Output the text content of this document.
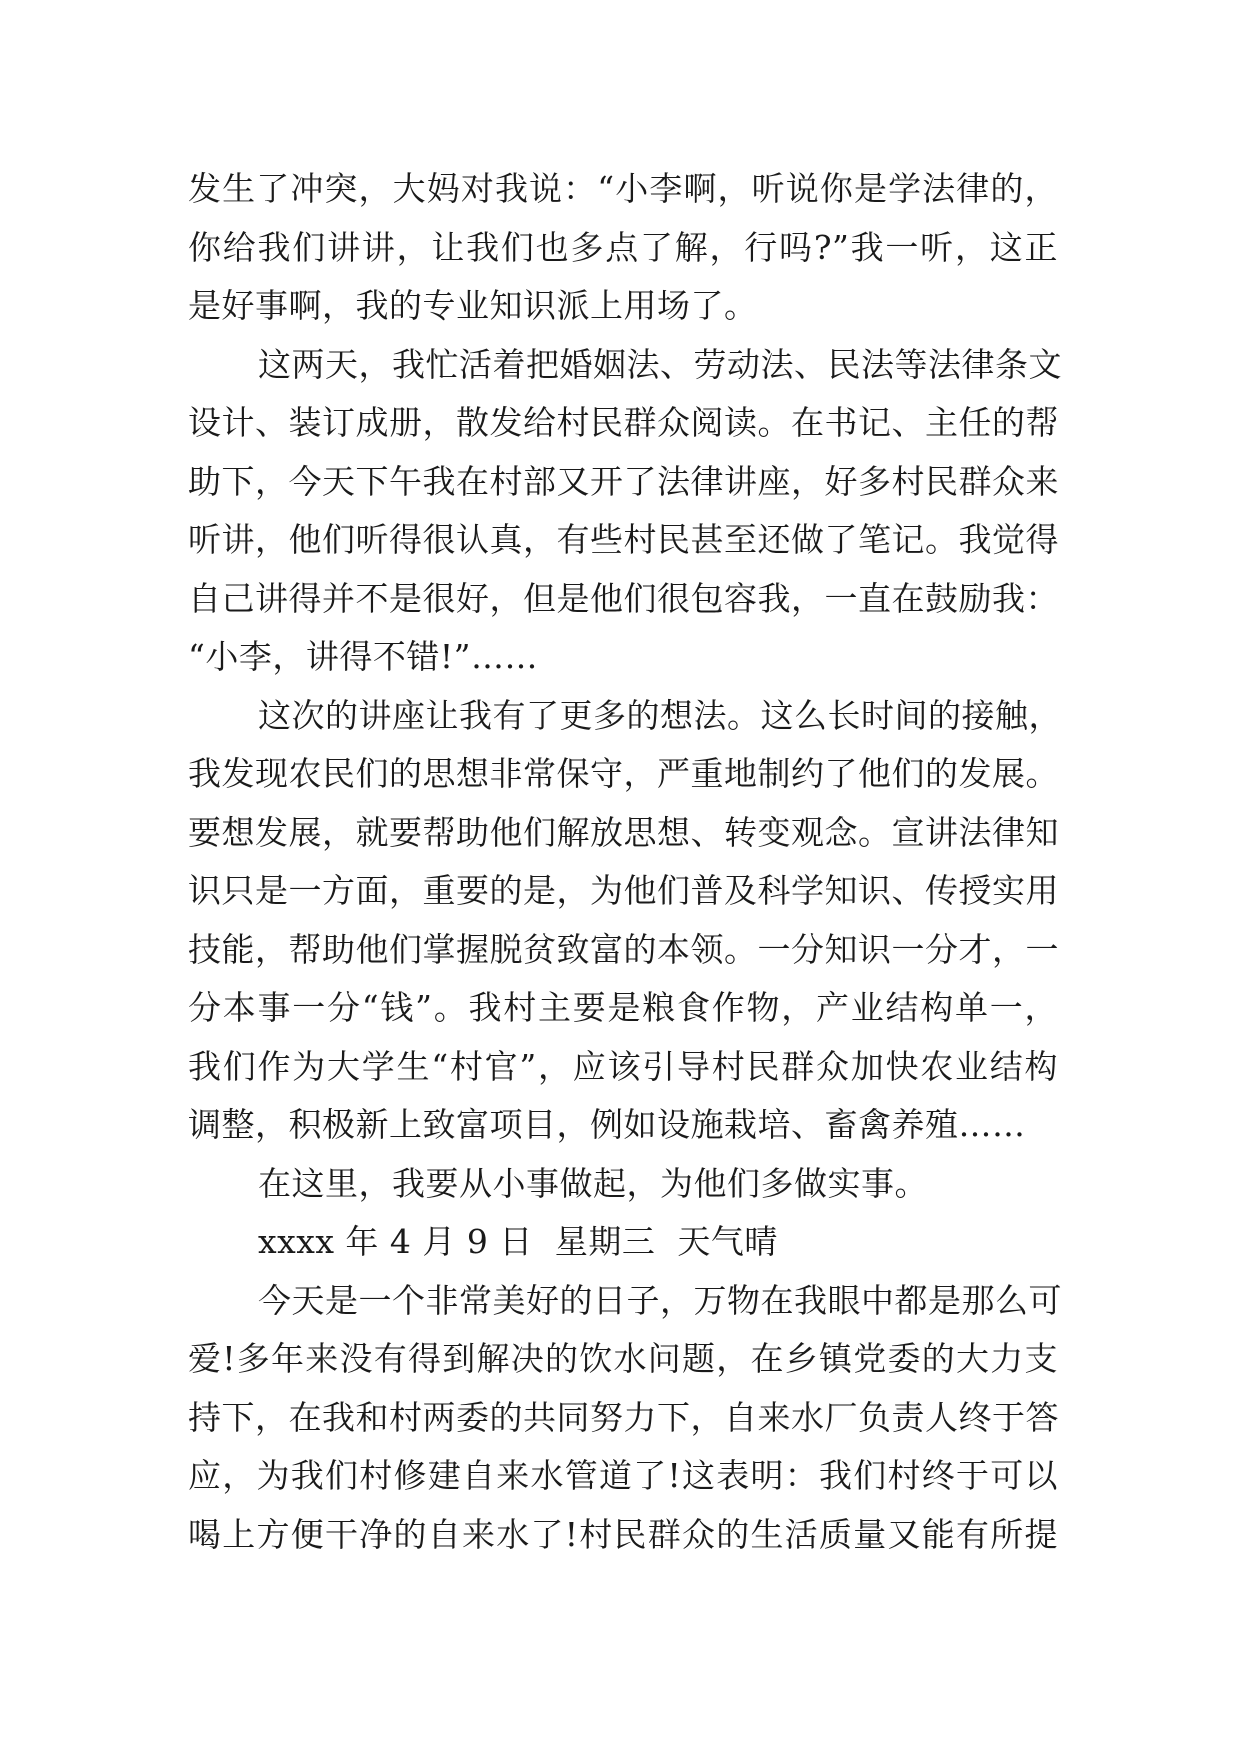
发生了冲突，大妈对我说：“小李啊，听说你是学法律的，
你给我们讲讲，让我们也多点了解，行吗?”我一听，这正
是好事啊，我的专业知识派上用场了。
这两天，我忙活着把婚姻法、劳动法、民法等法律条文
设计、装订成册，散发给村民群众阅读。在书记、主任的帮
助下，今天下午我在村部又开了法律讲座，好多村民群众来
听讲，他们听得很认真，有些村民甚至还做了笔记。我觉得
自己讲得并不是很好，但是他们很包容我，一直在鼓励我：
“小李，讲得不错!”……
这次的讲座让我有了更多的想法。这么长时间的接触，
我发现农民们的思想非常保守，严重地制约了他们的发展。
要想发展，就要帮助他们解放思想、转变观念。宣讲法律知
识只是一方面，重要的是，为他们普及科学知识、传授实用
技能，帮助他们掌握脱贫致富的本领。一分知识一分才，一
分本事一分“钱”。我村主要是粮食作物，产业结构单一，
我们作为大学生“村官”，应该引导村民群众加快农业结构
调整，积极新上致富项目，例如设施栽培、畜禽养殖……
在这里，我要从小事做起，为他们多做实事。
xxxx 年 4 月 9 日  星期三  天气晴
今天是一个非常美好的日子，万物在我眼中都是那么可
爱!多年来没有得到解决的饮水问题，在乡镇党委的大力支
持下，在我和村两委的共同努力下，自来水厂负责人终于答
应，为我们村修建自来水管道了!这表明：我们村终于可以
喝上方便干净的自来水了!村民群众的生活质量又能有所提
